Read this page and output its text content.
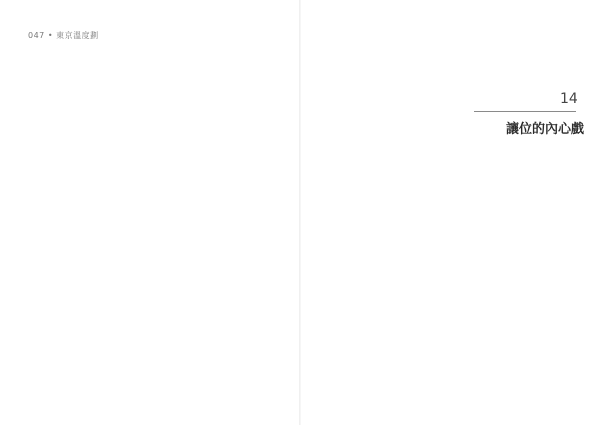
047 • 東京溫度劃
14
讓位的內心戲
